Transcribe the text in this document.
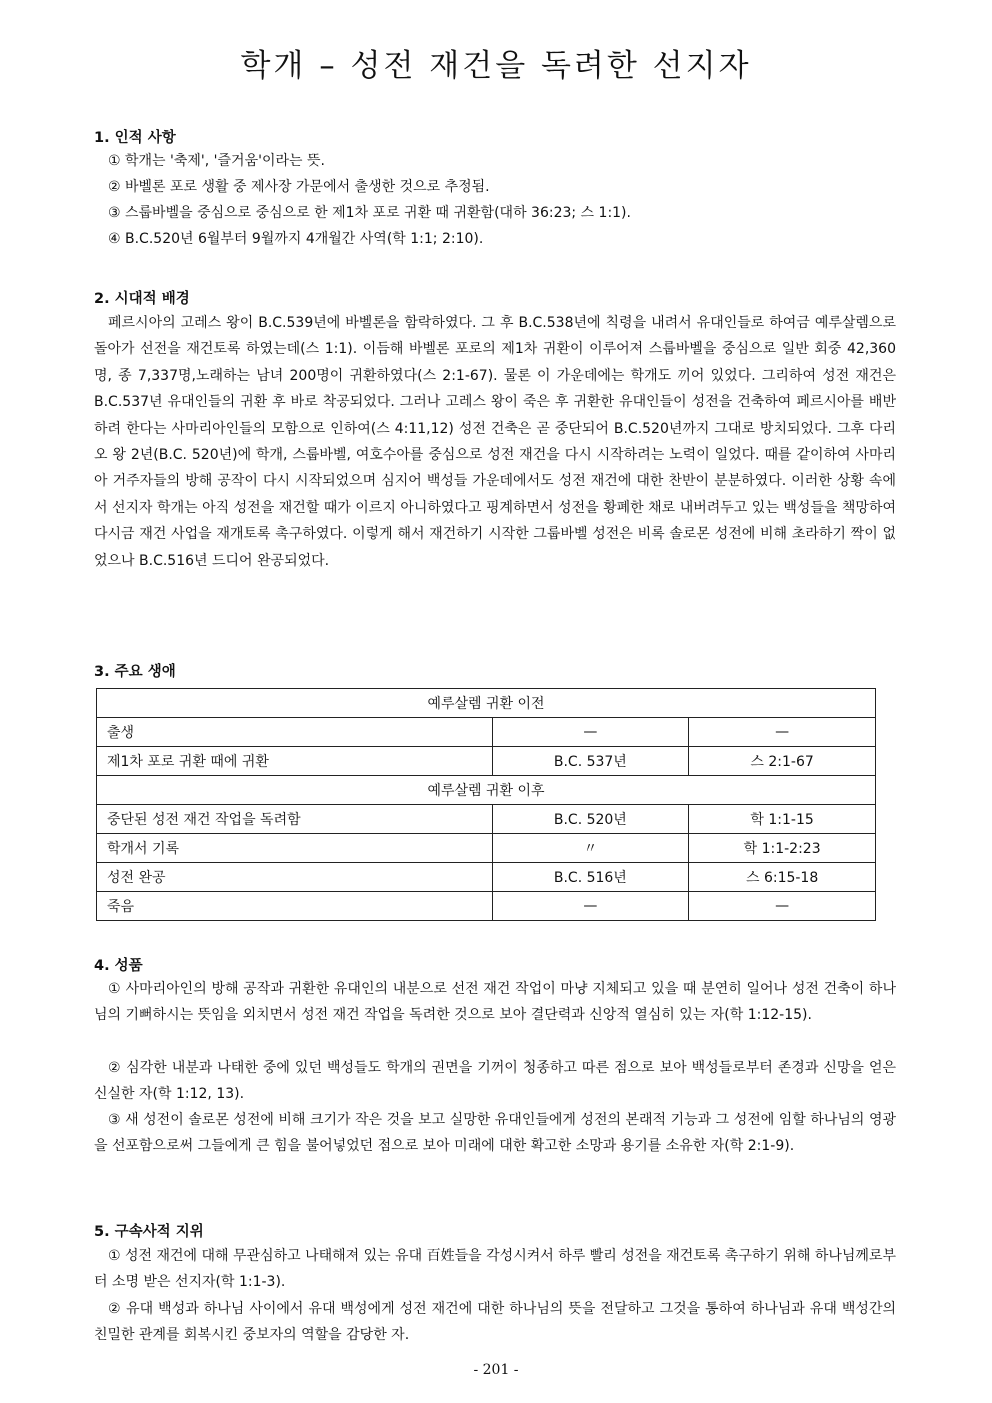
학개 – 성전 재건을 독려한 선지자
1. 인적 사항
① 학개는 '축제', '즐거움'이라는 뜻.
② 바벨론 포로 생활 중 제사장 가문에서 출생한 것으로 추정됨.
③ 스룹바벨을 중심으로 중심으로 한 제1차 포로 귀환 때 귀환함(대하 36:23; 스 1:1).
④ B.C.520년 6월부터 9월까지 4개월간 사역(학 1:1; 2:10).
2. 시대적 배경

페르시아의 고레스 왕이 B.C.539년에 바벨론을 함락하였다. 그 후 B.C.538년에 칙령을 내려서 유대인들로 하여금 예루살렘으로 돌아가 선전을 재건토록 하였는데(스 1:1). 이듬해 바벨론 포로의 제1차 귀환이 이루어져 스룹바벨을 중심으로 일반 회중 42,360명, 종 7,337명,노래하는 남녀 200명이 귀환하였다(스 2:1-67). 물론 이 가운데에는 학개도 끼어 있었다. 그리하여 성전 재건은 B.C.537년 유대인들의 귀환 후 바로 착공되었다. 그러나 고레스 왕이 죽은 후 귀환한 유대인들이 성전을 건축하여 페르시아를 배반하려 한다는 사마리아인들의 모함으로 인하여(스 4:11,12) 성전 건축은 곧 중단되어 B.C.520년까지 그대로 방치되었다. 그후 다리오 왕 2년(B.C. 520년)에 학개, 스룹바벨, 여호수아를 중심으로 성전 재건을 다시 시작하려는 노력이 일었다. 때를 같이하여 사마리아 거주자들의 방해 공작이 다시 시작되었으며 심지어 백성들 가운데에서도 성전 재건에 대한 찬반이 분분하였다. 이러한 상황 속에서 선지자 학개는 아직 성전을 재건할 때가 이르지 아니하였다고 핑계하면서 성전을 황폐한 채로 내버려두고 있는 백성들을 책망하여 다시금 재건 사업을 재개토록 촉구하였다. 이렇게 해서 재건하기 시작한 그룹바벨 성전은 비록 솔로몬 성전에 비해 초라하기 짝이 없었으나 B.C.516년 드디어 완공되었다.

3. 주요 생애
예루살렘 귀환 이전		
출생	—	—
제1차 포로 귀환 때에 귀환	B.C. 537년	스 2:1-67
예루살렘 귀환 이후		
중단된 성전 재건 작업을 독려함	B.C. 520년	학 1:1-15
학개서 기록	〃	학 1:1-2:23
성전 완공	B.C. 516년	스 6:15-18
죽음	—	—
4. 성품

① 사마리아인의 방해 공작과 귀환한 유대인의 내분으로 선전 재건 작업이 마냥 지체되고 있을 때 분연히 일어나 성전 건축이 하나님의 기뻐하시는 뜻임을 외치면서 성전 재건 작업을 독려한 것으로 보아 결단력과 신앙적 열심히 있는 자(학 1:12-15).

② 심각한 내분과 나태한 중에 있던 백성들도 학개의 권면을 기꺼이 청종하고 따른 점으로 보아 백성들로부터 존경과 신망을 얻은 신실한 자(학 1:12, 13).

③ 새 성전이 솔로몬 성전에 비해 크기가 작은 것을 보고 실망한 유대인들에게 성전의 본래적 기능과 그 성전에 임할 하나님의 영광을 선포함으로써 그들에게 큰 힘을 불어넣었던 점으로 보아 미래에 대한 확고한 소망과 용기를 소유한 자(학 2:1-9).

5. 구속사적 지위

① 성전 재건에 대해 무관심하고 나태해져 있는 유대 百姓들을 각성시켜서 하루 빨리 성전을 재건토록 촉구하기 위해 하나님께로부터 소명 받은 선지자(학 1:1-3).

② 유대 백성과 하나님 사이에서 유대 백성에게 성전 재건에 대한 하나님의 뜻을 전달하고 그것을 통하여 하나님과 유대 백성간의 친밀한 관계를 회복시킨 중보자의 역할을 감당한 자.

- 201 -
